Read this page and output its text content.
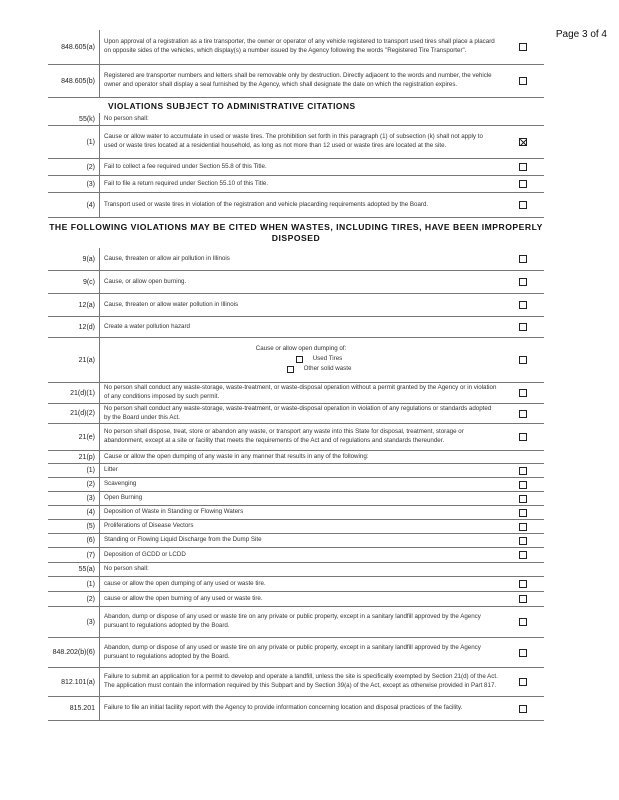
Page 3 of 4
848.605(a)
Upon approval of a registration as a tire transporter, the owner or operator of any vehicle registered to transport used tires shall place a placard on opposite sides of the vehicles, which display(s) a number issued by the Agency following the words "Registered Tire Transporter".
848.605(b)
Registered are transporter numbers and letters shall be removable only by destruction. Directly adjacent to the words and number, the vehicle owner and operator shall display a seal furnished by the Agency, which shall designate the date on which the registration expires.
VIOLATIONS SUBJECT TO ADMINISTRATIVE CITATIONS
55(k)	No person shall:
(1)
Cause or allow water to accumulate in used or waste tires. The prohibition set forth in this paragraph (1) of subsection (k) shall not apply to used or waste tires located at a residential household, as long as not more than 12 used or waste tires are located at the site.
(2)	Fail to collect a fee required under Section 55.8 of this Title.
(3)	Fail to file a return required under Section 55.10 of this Title.
(4)	Transport used or waste tires in violation of the registration and vehicle placarding requirements adopted by the Board.
THE FOLLOWING VIOLATIONS MAY BE CITED WHEN WASTES, INCLUDING TIRES, HAVE BEEN IMPROPERLY DISPOSED
9(a)	Cause, threaten or allow air pollution in Illinois
9(c)	Cause, or allow open burning.
12(a)	Cause, threaten or allow water pollution in Illinois
12(d)	Create a water pollution hazard
21(a)
Cause or allow open dumping of:
Used Tires
Other solid waste
21(d)(1)
No person shall conduct any waste-storage, waste-treatment, or waste-disposal operation without a permit granted by the Agency or in violation of any conditions imposed by such permit.
21(d)(2)
No person shall conduct any waste-storage, waste-treatment, or waste-disposal operation in violation of any regulations or standards adopted by the Board under this Act.
21(e)
No person shall dispose, treat, store or abandon any waste, or transport any waste into this State for disposal, treatment, storage or abandonment, except at a site or facility that meets the requirements of the Act and of regulations and standards thereunder.
21(p)	Cause or allow the open dumping of any waste in any manner that results in any of the following:
(1)	Litter
(2)	Scavenging
(3)	Open Burning
(4)	Deposition of Waste in Standing or Flowing Waters
(5)	Proliferations of Disease Vectors
(6)	Standing or Flowing Liquid Discharge from the Dump Site
(7)	Deposition of GCDD or LCDD
55(a)	No person shall:
(1)	cause or allow the open dumping of any used or waste tire.
(2)	cause or allow the open burning of any used or waste tire.
(3)
Abandon, dump or dispose of any used or waste tire on any private or public property, except in a sanitary landfill approved by the Agency pursuant to regulations adopted by the Board.
848.202(b)(6)
Abandon, dump or dispose of any used or waste tire on any private or public property, except in a sanitary landfill approved by the Agency pursuant to regulations adopted by the Board.
812.101(a)
Failure to submit an application for a permit to develop and operate a landfill, unless the site is specifically exempted by Section 21(d) of the Act. The application must contain the information required by this Subpart and by Section 39(a) of the Act, except as otherwise provided in Part 817.
815.201	Failure to file an initial facility report with the Agency to provide information concerning location and disposal practices of the facility.
